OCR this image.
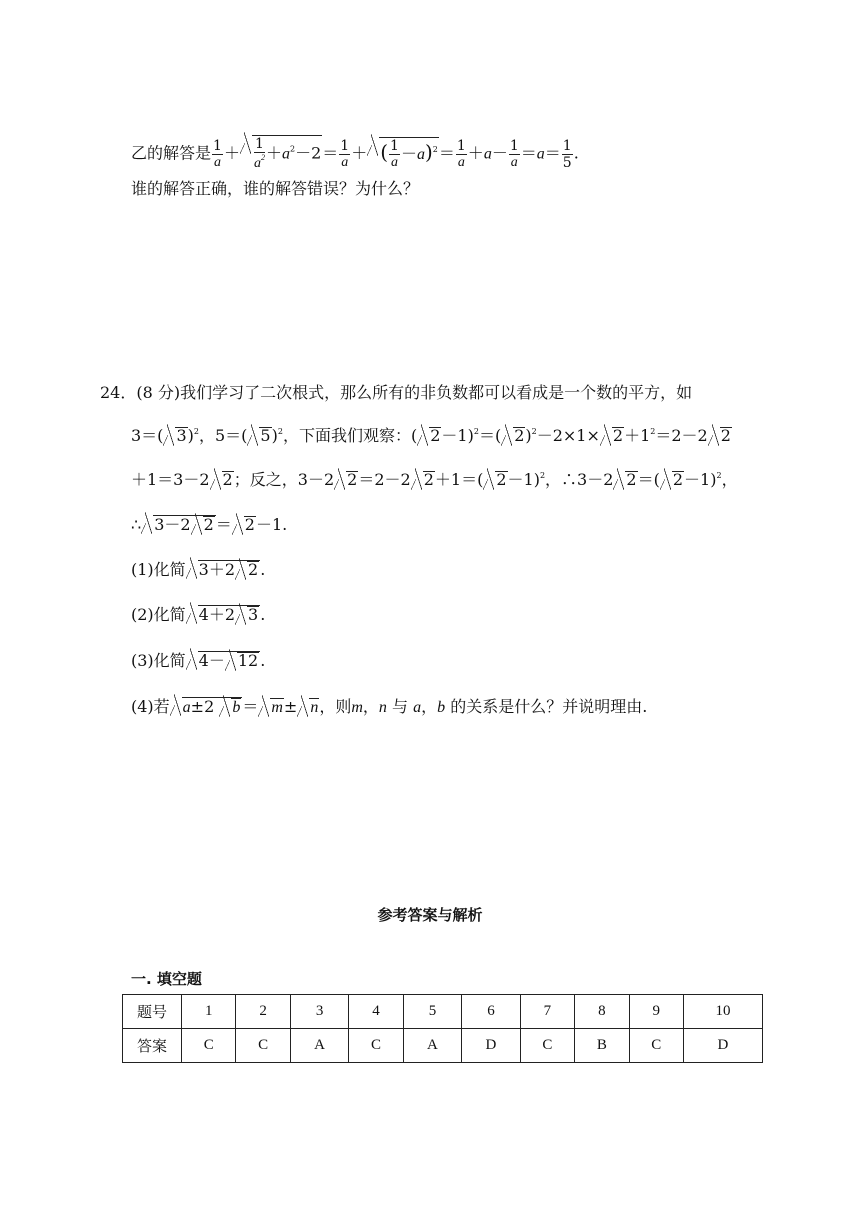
乙的解答是 $\frac{1}{a} + \frac{1}{a^2} +a^2-2= \frac{1}{a}$ ＋ ( $\frac{1}{a} -a)^2= \frac{1}{a} +a- \frac{1}{a} =a= \frac{1}{5}$ .
谁的解答正确，谁的解答错误？为什么？
24．(8 分)我们学习了二次根式，那么所有的非负数都可以看成是一个数的平方，如
3＝( 3)$^2$，5＝( 5)$^2$，下面我们观察：( 2－1)$^2$＝( $2)^2-2\times 1\times 2+1^2=2-2$ 2
＋1＝3－2 2；反之，3－2 2＝2－2 2＋1＝( 2－1)$^2$，∴3－2 2＝( 2－1)$^2$，
∴ 3－2 2 ＝ 2－1.
(1)化简 3＋2 2 .
(2)化简 4＋2 3 .
(3)化简 4－ 12 .
(4)若 a±2 b ＝ m± n，则m，n 与 a，b 的关系是什么？并说明理由.
参考答案与解析
一. 填空题
题号	1	2	3	4	5	6	7	8	9	10
答案	C	C	A	C	A	D	C	B	C	D
